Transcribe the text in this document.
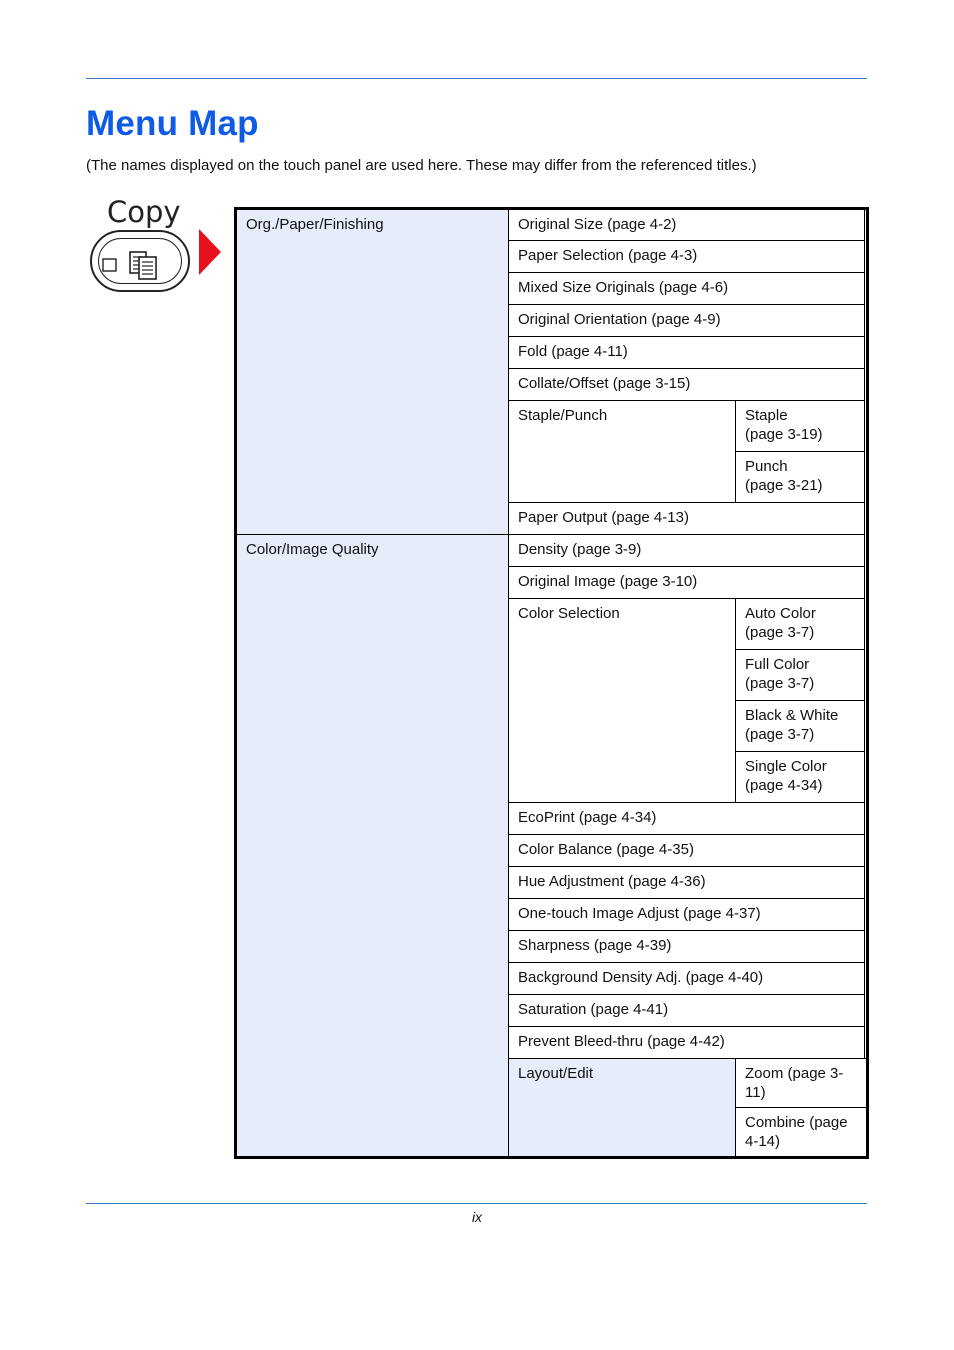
Menu Map

(The names displayed on the touch panel are used here. These may differ from the referenced titles.)

Copy	Org./Paper/Finishing	Original Size (page 4-2)	
	Paper Selection (page 4-3)	
	Mixed Size Originals (page 4-6)	
	Original Orientation (page 4-9)	
	Fold (page 4-11)	
	Collate/Offset (page 3-15)	
	Staple/Punch	Staple
(page 3-19)
		Punch
(page 3-21)
	Paper Output (page 4-13)	
Color/Image Quality	Density (page 3-9)	
	Original Image (page 3-10)	
	Color Selection	Auto Color
(page 3-7)
		Full Color
(page 3-7)
		Black & White
(page 3-7)
		Single Color
(page 4-34)
	EcoPrint (page 4-34)	
	Color Balance (page 4-35)	
	Hue Adjustment (page 4-36)	
	One-touch Image Adjust (page 4-37)	
	Sharpness (page 4-39)	
	Background Density Adj. (page 4-40)	
	Saturation (page 4-41)	
	Prevent Bleed-thru (page 4-42)	
	Layout/Edit	Zoom (page 3-11)
		Combine (page 4-14)
ix
